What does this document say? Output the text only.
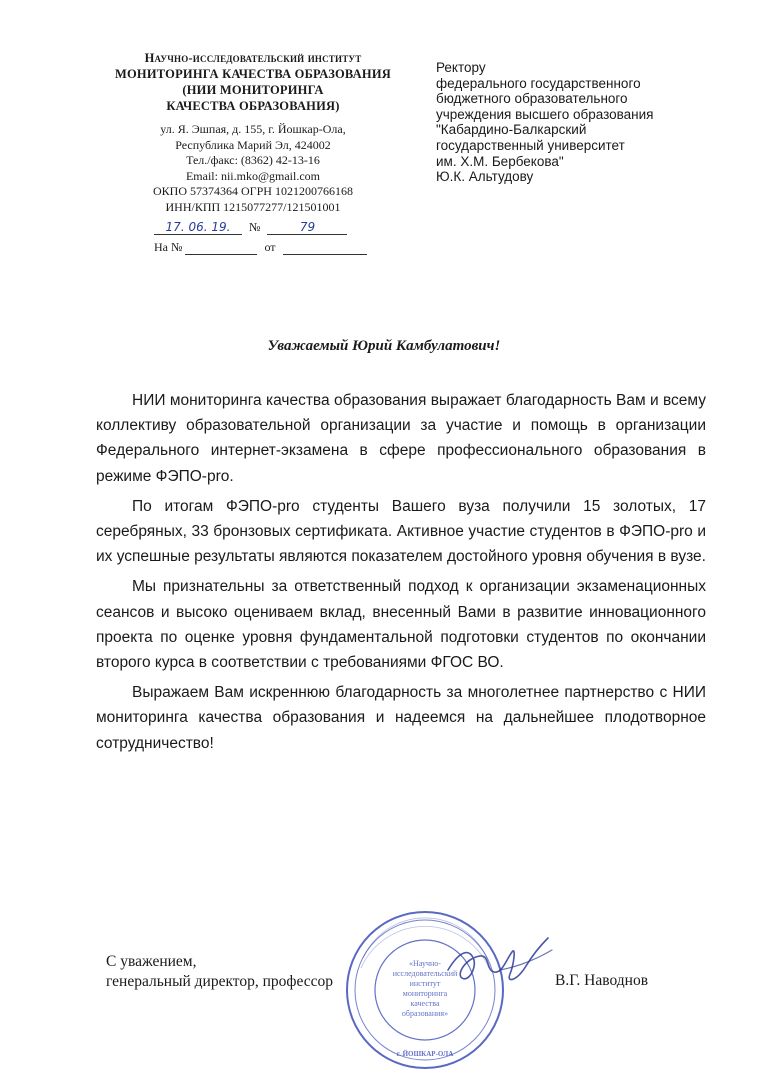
Научно-исследовательский институт
МОНИТОРИНГА КАЧЕСТВА ОБРАЗОВАНИЯ
(НИИ МОНИТОРИНГА
КАЧЕСТВА ОБРАЗОВАНИЯ)
ул. Я. Эшпая, д. 155, г. Йошкар-Ола,
Республика Марий Эл, 424002
Тел./факс: (8362) 42-13-16
Email: nii.mko@gmail.com
ОКПО 57374364 ОГРН 1021200766168
ИНН/КПП 1215077277/121501001
17. 06. 19. №	79
На №	от
Ректору
федерального государственного
бюджетного образовательного
учреждения высшего образования
"Кабардино-Балкарский
государственный университет
им. Х.М. Бербекова"
Ю.К. Альтудову
Уважаемый Юрий Камбулатович!

НИИ мониторинга качества образования выражает благодарность Вам и всему коллективу образовательной организации за участие и помощь в организации Федерального интернет-экзамена в сфере профессионального образования в режиме ФЭПО-pro.

По итогам ФЭПО-pro студенты Вашего вуза получили 15 золотых, 17 серебряных, 33 бронзовых сертификата. Активное участие студентов в ФЭПО-pro и их успешные результаты являются показателем достойного уровня обучения в вузе.

Мы признательны за ответственный подход к организации экзаменационных сеансов и высоко оцениваем вклад, внесенный Вами в развитие инновационного проекта по оценке уровня фундаментальной подготовки студентов по окончании второго курса в соответствии с требованиями ФГОС ВО.

Выражаем Вам искреннюю благодарность за многолетнее партнерство с НИИ мониторинга качества образования и надеемся на дальнейшее плодотворное сотрудничество!

С уважением,
генеральный директор, профессор
«Научно-
исследовательский
институт
мониторинга
качества
образования»
г. ЙОШКАР-ОЛА
В.Г. Наводнов
